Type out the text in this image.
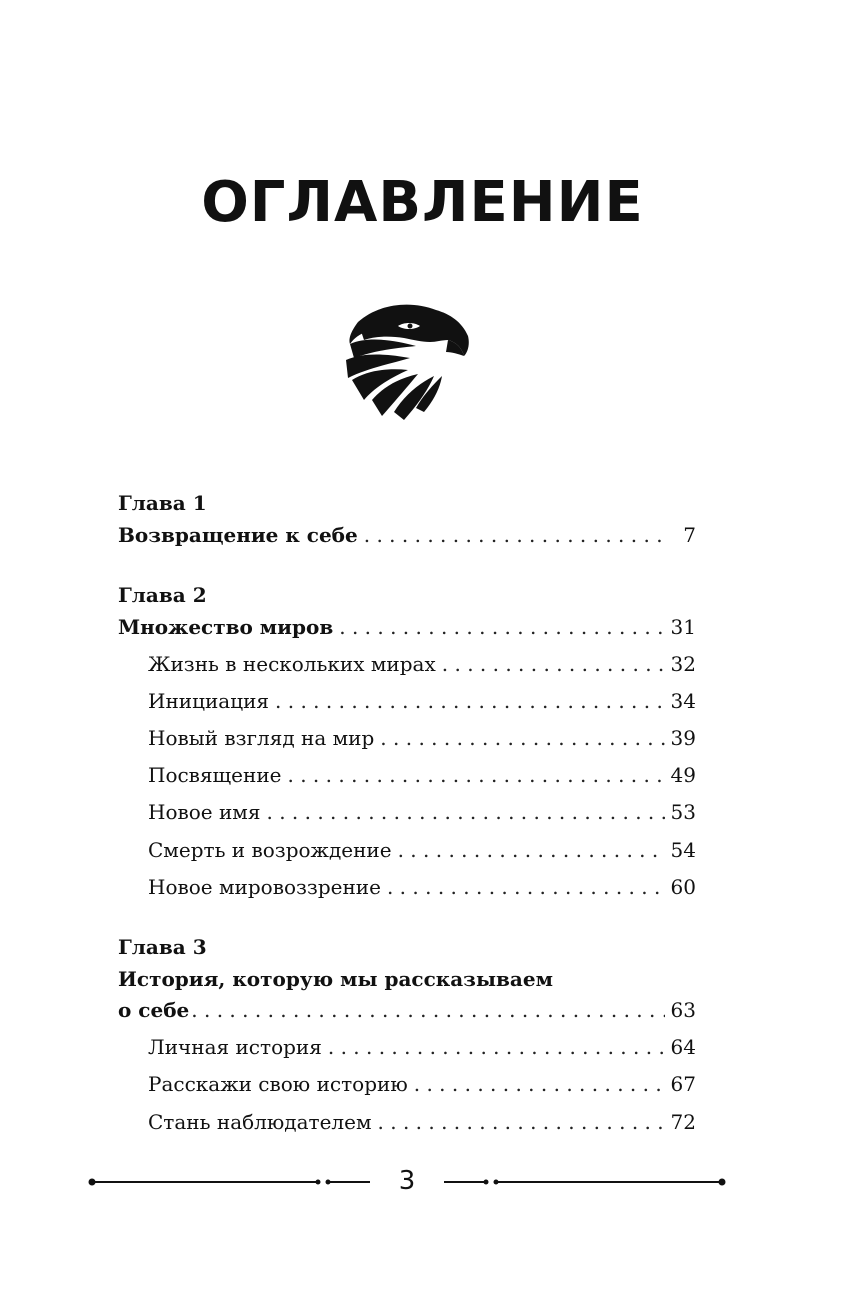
ОГЛАВЛЕНИЕ
Глава 1
Возвращение к себе . . .	7
Глава 2
Множество миров . . .	31
Жизнь в нескольких мирах . . .	32
Инициация . . .	34
Новый взгляд на мир . . .	39
Посвящение . . .	49
Новое имя . . .	53
Смерть и возрождение . . .	54
Новое мировоззрение . . .	60
Глава 3
История, которую мы рассказываем
о себе . . .	63
Личная история . . .	64
Расскажи свою историю . . .	67
Стань наблюдателем . . .	72
3
